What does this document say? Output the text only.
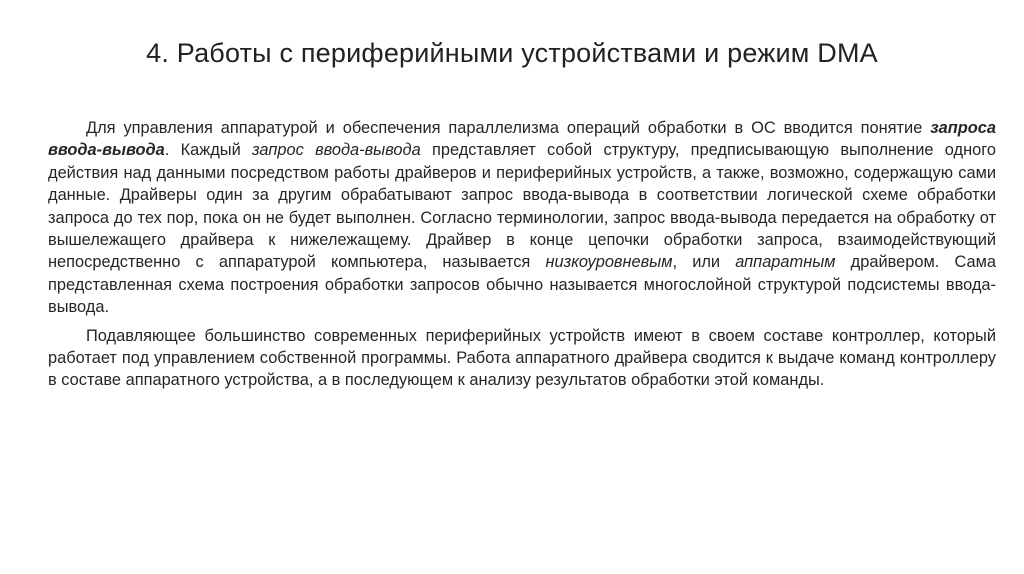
4. Работы с периферийными устройствами и режим DMA

Для управления аппаратурой и обеспечения параллелизма операций обработки в ОС вводится понятие запроса ввода-вывода. Каждый запрос ввода-вывода представляет собой структуру, предписывающую выполнение одного действия над данными посредством работы драйверов и периферийных устройств, а также, возможно, содержащую сами данные. Драйверы один за другим обрабатывают запрос ввода-вывода в соответствии логической схеме обработки запроса до тех пор, пока он не будет выполнен. Согласно терминологии, запрос ввода-вывода передается на обработку от вышележащего драйвера к нижележащему. Драйвер в конце цепочки обработки запроса, взаимодействующий непосредственно с аппаратурой компьютера, называется низкоуровневым, или аппаратным драйвером. Сама представленная схема построения обработки запросов обычно называется многослойной структурой подсистемы ввода-вывода.

Подавляющее большинство современных периферийных устройств имеют в своем составе контроллер, который работает под управлением собственной программы. Работа аппаратного драйвера сводится к выдаче команд контроллеру в составе аппаратного устройства, а в последующем к анализу результатов обработки этой команды.
